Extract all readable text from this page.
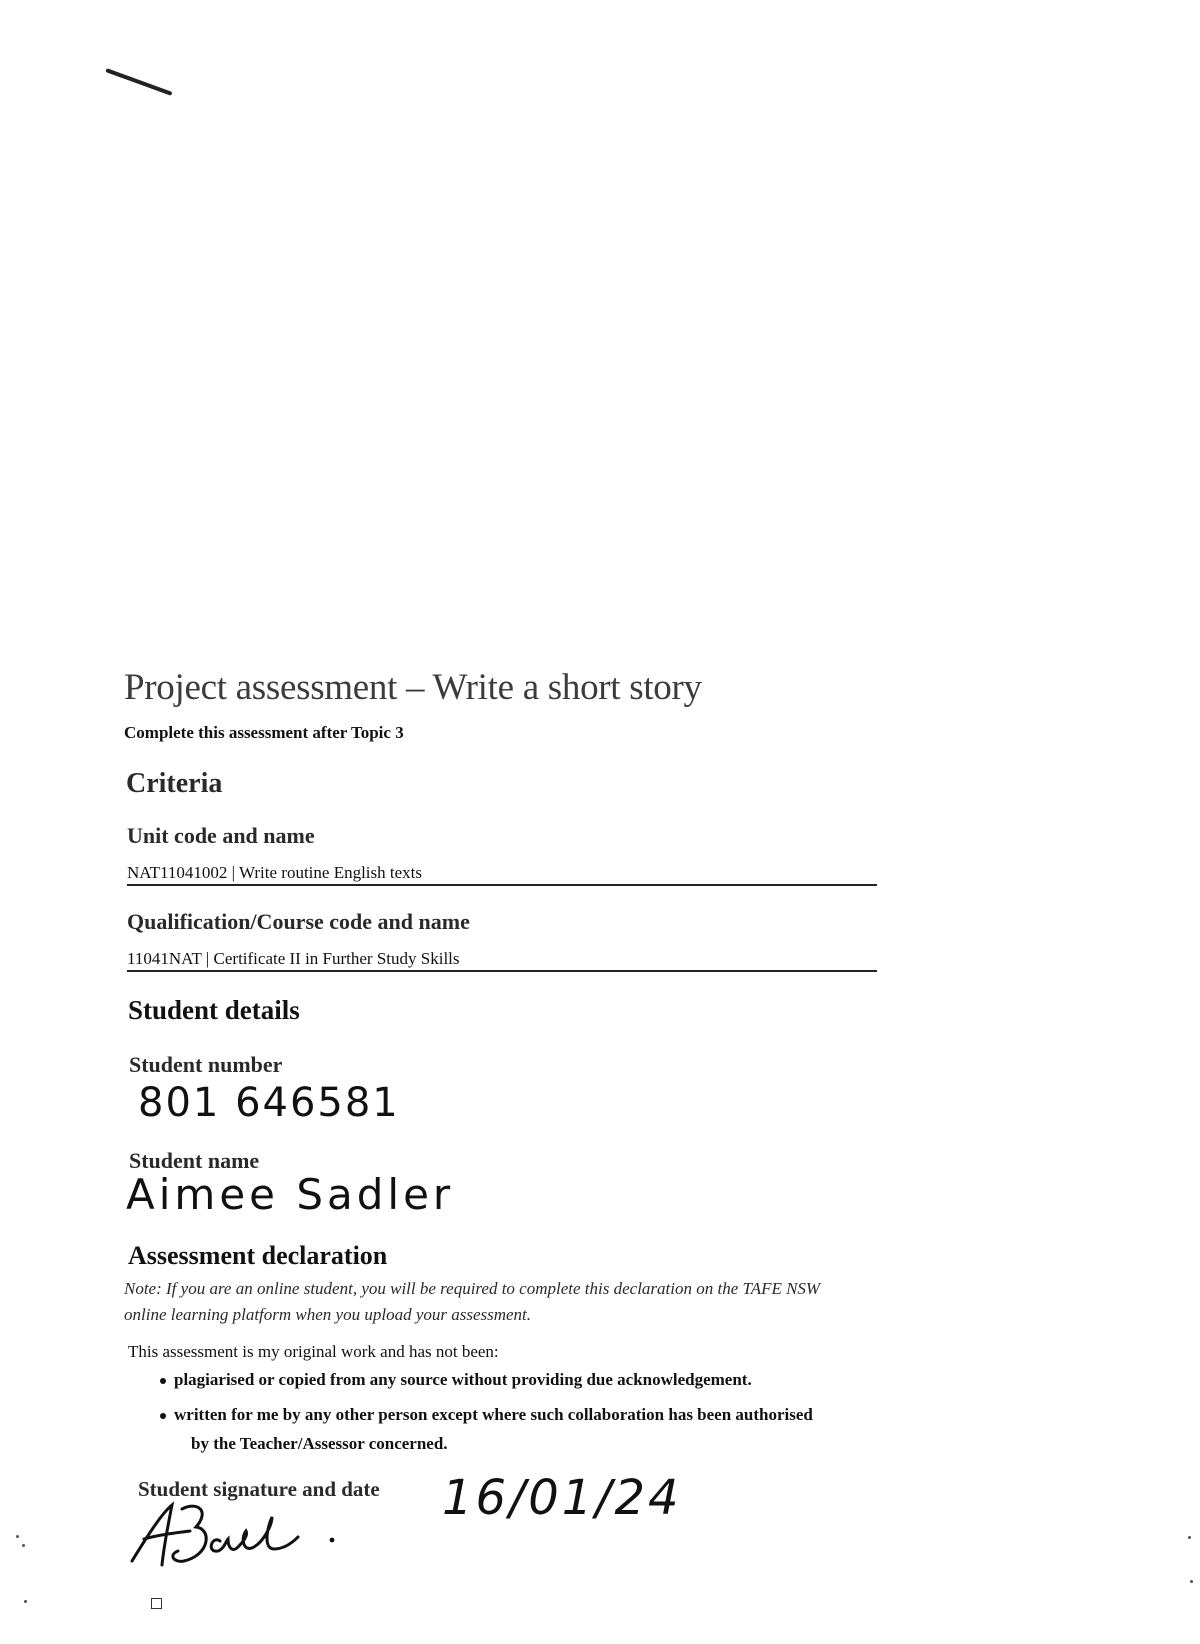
Project assessment – Write a short story
Complete this assessment after Topic 3
Criteria
Unit code and name
NAT11041002 | Write routine English texts
Qualification/Course code and name
11041NAT | Certificate II in Further Study Skills
Student details
Student number
801 646581
Student name
Aimee Sadler
Assessment declaration
Note: If you are an online student, you will be required to complete this declaration on the TAFE NSW online learning platform when you upload your assessment.
This assessment is my original work and has not been:
plagiarised or copied from any source without providing due acknowledgement.
written for me by any other person except where such collaboration has been authorised
by the Teacher/Assessor concerned.
Student signature and date 16/01/24
